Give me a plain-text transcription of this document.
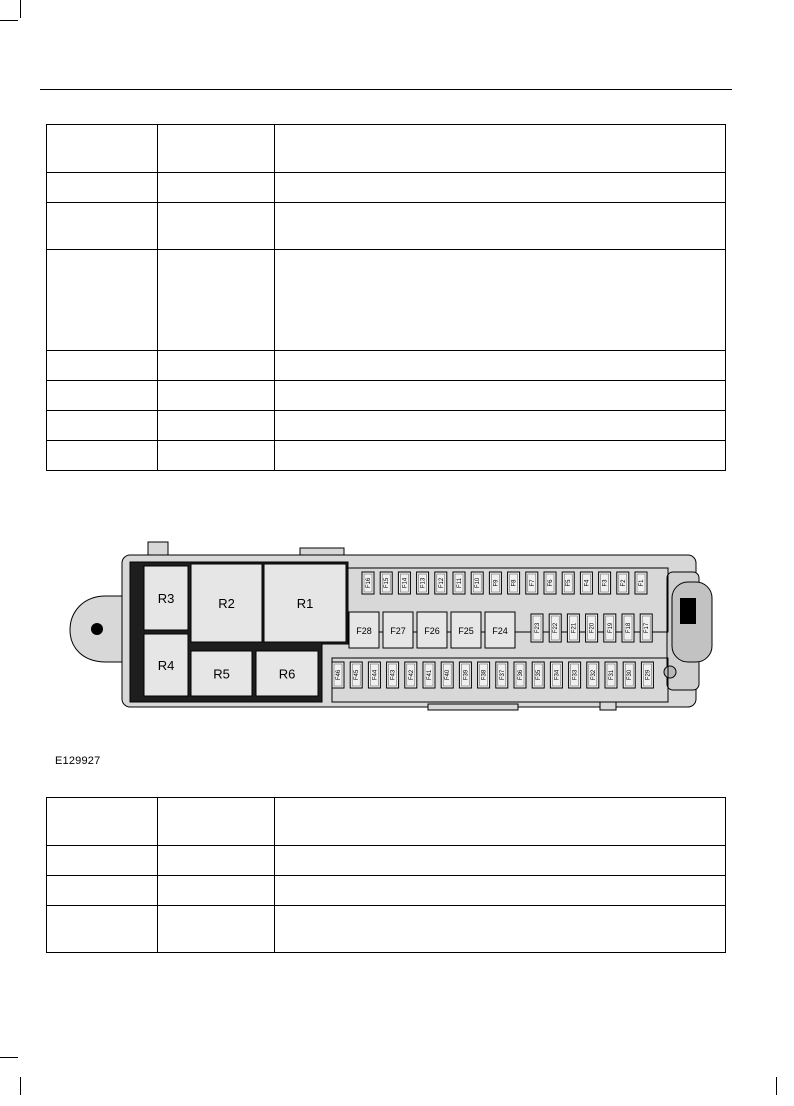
R1
R2
R3
R4
R5	R6
F28 F27 F26 F25 F24
F16 F15 F14 F13 F12 F11 F10 F9 F8 F7 F6 F5 F4 F3 F2 F1
F23 F22 F21 F20 F19 F18 F17
F46 F45 F44 F43 F42 F41 F40 F39 F38 F37 F36 F35 F34 F33 F32 F31 F30 F29
E129927
